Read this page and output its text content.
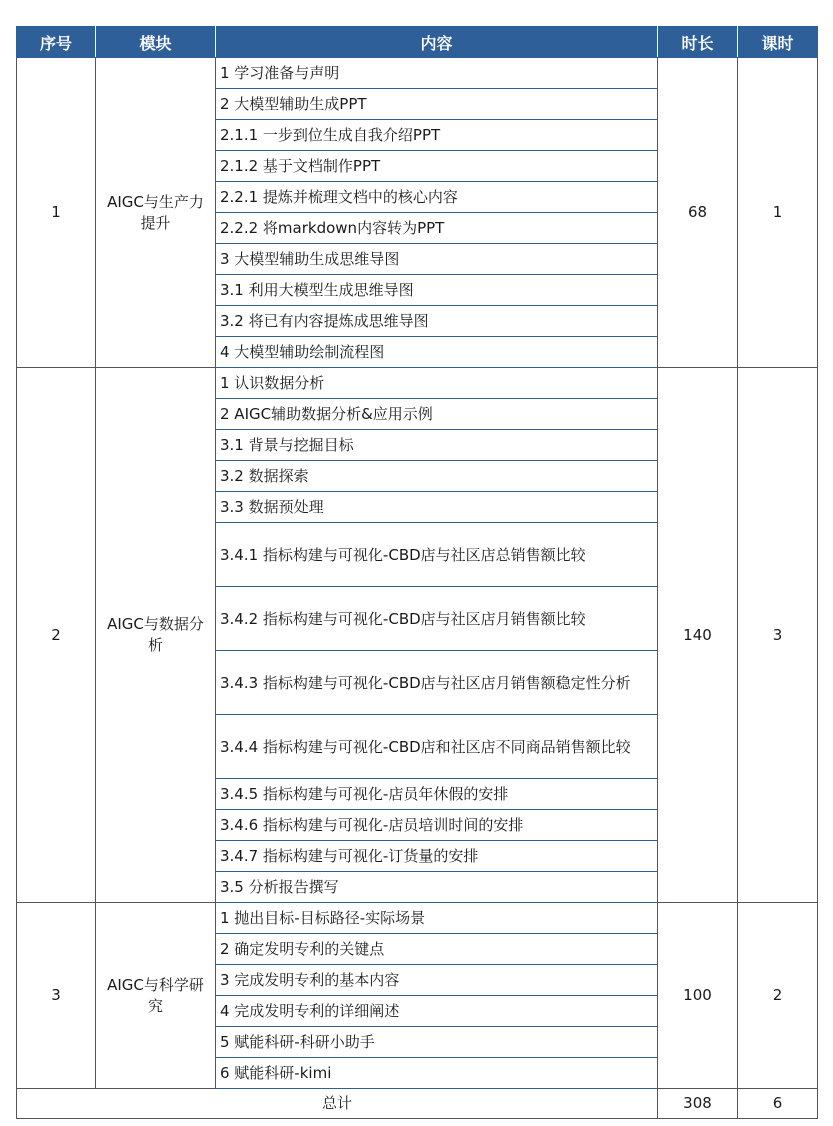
序号	模块	内容	时长	课时
1	AIGC与生产力提升	1 学习准备与声明	68	1
		2 大模型辅助生成PPT		
		2.1.1 一步到位生成自我介绍PPT		
		2.1.2 基于文档制作PPT		
		2.2.1 提炼并梳理文档中的核心内容		
		2.2.2 将markdown内容转为PPT		
		3 大模型辅助生成思维导图		
		3.1 利用大模型生成思维导图		
		3.2 将已有内容提炼成思维导图		
		4 大模型辅助绘制流程图		
2	AIGC与数据分析	1 认识数据分析	140	3
		2 AIGC辅助数据分析&应用示例		
		3.1 背景与挖掘目标		
		3.2 数据探索		
		3.3 数据预处理		
		3.4.1 指标构建与可视化-CBD店与社区店总销售额比较		
		3.4.2 指标构建与可视化-CBD店与社区店月销售额比较		
		3.4.3 指标构建与可视化-CBD店与社区店月销售额稳定性分析		
		3.4.4 指标构建与可视化-CBD店和社区店不同商品销售额比较		
		3.4.5 指标构建与可视化-店员年休假的安排		
		3.4.6 指标构建与可视化-店员培训时间的安排		
		3.4.7 指标构建与可视化-订货量的安排		
		3.5 分析报告撰写		
3	AIGC与科学研究	1 抛出目标-目标路径-实际场景	100	2
		2 确定发明专利的关键点		
		3 完成发明专利的基本内容		
		4 完成发明专利的详细阐述		
		5 赋能科研-科研小助手		
		6 赋能科研-kimi		
总计			308	6
